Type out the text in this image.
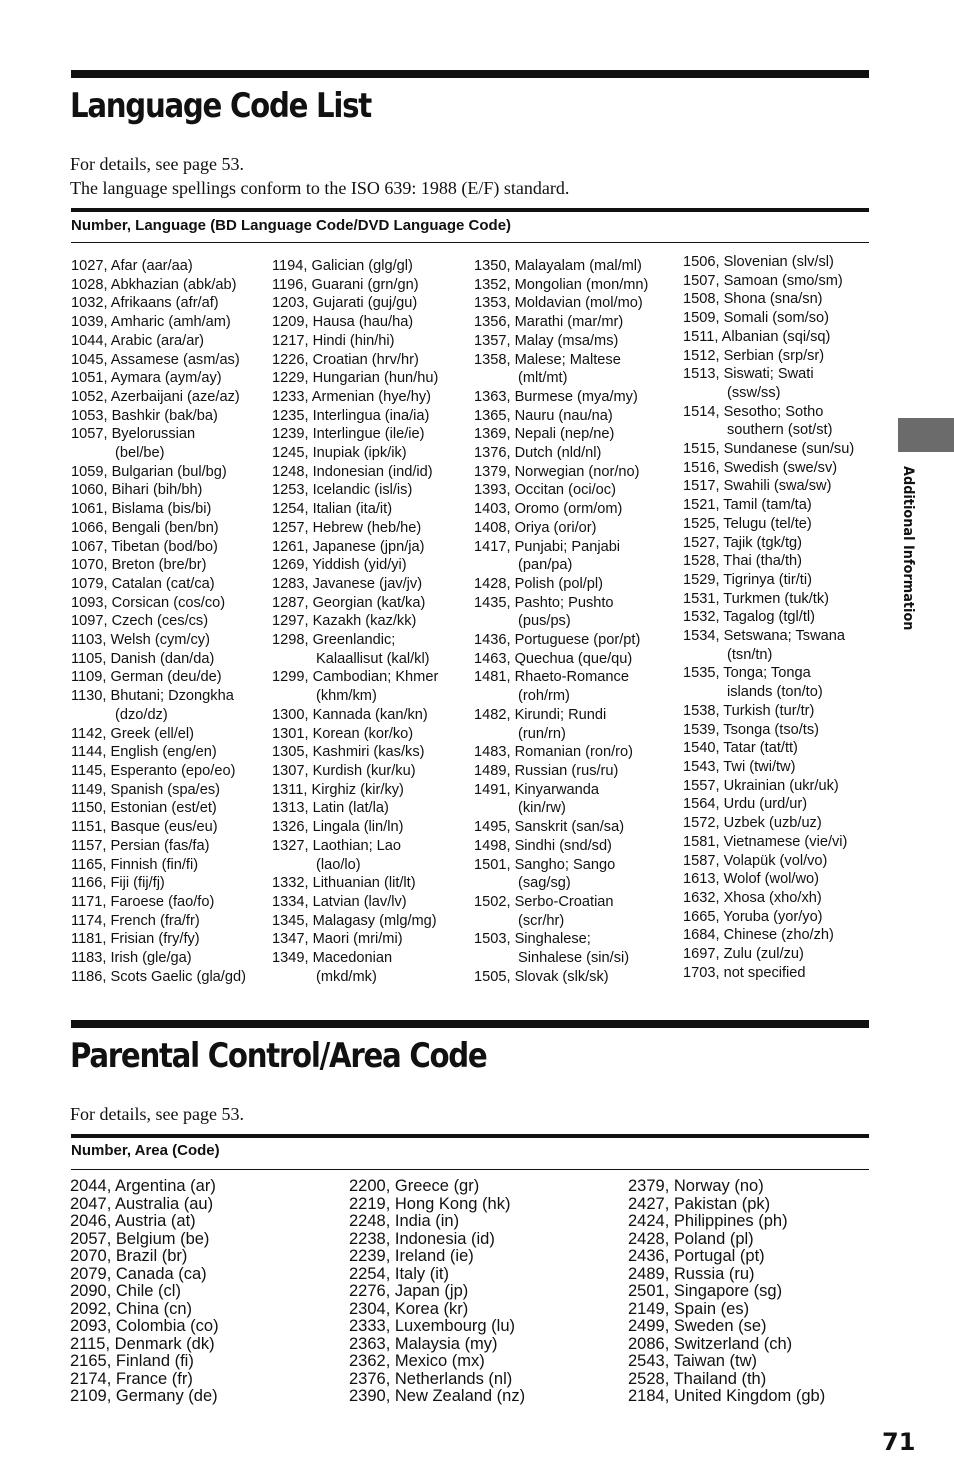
Language Code List
For details, see page 53.
The language spellings conform to the ISO 639: 1988 (E/F) standard.
Number, Language (BD Language Code/DVD Language Code)
1027, Afar (aar/aa)
1028, Abkhazian (abk/ab)
1032, Afrikaans (afr/af)
1039, Amharic (amh/am)
1044, Arabic (ara/ar)
1045, Assamese (asm/as)
1051, Aymara (aym/ay)
1052, Azerbaijani (aze/az)
1053, Bashkir (bak/ba)
1057, Byelorussian
(bel/be)
1059, Bulgarian (bul/bg)
1060, Bihari (bih/bh)
1061, Bislama (bis/bi)
1066, Bengali (ben/bn)
1067, Tibetan (bod/bo)
1070, Breton (bre/br)
1079, Catalan (cat/ca)
1093, Corsican (cos/co)
1097, Czech (ces/cs)
1103, Welsh (cym/cy)
1105, Danish (dan/da)
1109, German (deu/de)
1130, Bhutani; Dzongkha
(dzo/dz)
1142, Greek (ell/el)
1144, English (eng/en)
1145, Esperanto (epo/eo)
1149, Spanish (spa/es)
1150, Estonian (est/et)
1151, Basque (eus/eu)
1157, Persian (fas/fa)
1165, Finnish (fin/fi)
1166, Fiji (fij/fj)
1171, Faroese (fao/fo)
1174, French (fra/fr)
1181, Frisian (fry/fy)
1183, Irish (gle/ga)
1186, Scots Gaelic (gla/gd)
1194, Galician (glg/gl)
1196, Guarani (grn/gn)
1203, Gujarati (guj/gu)
1209, Hausa (hau/ha)
1217, Hindi (hin/hi)
1226, Croatian (hrv/hr)
1229, Hungarian (hun/hu)
1233, Armenian (hye/hy)
1235, Interlingua (ina/ia)
1239, Interlingue (ile/ie)
1245, Inupiak (ipk/ik)
1248, Indonesian (ind/id)
1253, Icelandic (isl/is)
1254, Italian (ita/it)
1257, Hebrew (heb/he)
1261, Japanese (jpn/ja)
1269, Yiddish (yid/yi)
1283, Javanese (jav/jv)
1287, Georgian (kat/ka)
1297, Kazakh (kaz/kk)
1298, Greenlandic;
Kalaallisut (kal/kl)
1299, Cambodian; Khmer
(khm/km)
1300, Kannada (kan/kn)
1301, Korean (kor/ko)
1305, Kashmiri (kas/ks)
1307, Kurdish (kur/ku)
1311, Kirghiz (kir/ky)
1313, Latin (lat/la)
1326, Lingala (lin/ln)
1327, Laothian; Lao
(lao/lo)
1332, Lithuanian (lit/lt)
1334, Latvian (lav/lv)
1345, Malagasy (mlg/mg)
1347, Maori (mri/mi)
1349, Macedonian
(mkd/mk)
1350, Malayalam (mal/ml)
1352, Mongolian (mon/mn)
1353, Moldavian (mol/mo)
1356, Marathi (mar/mr)
1357, Malay (msa/ms)
1358, Malese; Maltese
(mlt/mt)
1363, Burmese (mya/my)
1365, Nauru (nau/na)
1369, Nepali (nep/ne)
1376, Dutch (nld/nl)
1379, Norwegian (nor/no)
1393, Occitan (oci/oc)
1403, Oromo (orm/om)
1408, Oriya (ori/or)
1417, Punjabi; Panjabi
(pan/pa)
1428, Polish (pol/pl)
1435, Pashto; Pushto
(pus/ps)
1436, Portuguese (por/pt)
1463, Quechua (que/qu)
1481, Rhaeto-Romance
(roh/rm)
1482, Kirundi; Rundi
(run/rn)
1483, Romanian (ron/ro)
1489, Russian (rus/ru)
1491, Kinyarwanda
(kin/rw)
1495, Sanskrit (san/sa)
1498, Sindhi (snd/sd)
1501, Sangho; Sango
(sag/sg)
1502, Serbo-Croatian
(scr/hr)
1503, Singhalese;
Sinhalese (sin/si)
1505, Slovak (slk/sk)
1506, Slovenian (slv/sl)
1507, Samoan (smo/sm)
1508, Shona (sna/sn)
1509, Somali (som/so)
1511, Albanian (sqi/sq)
1512, Serbian (srp/sr)
1513, Siswati; Swati
(ssw/ss)
1514, Sesotho; Sotho
southern (sot/st)
1515, Sundanese (sun/su)
1516, Swedish (swe/sv)
1517, Swahili (swa/sw)
1521, Tamil (tam/ta)
1525, Telugu (tel/te)
1527, Tajik (tgk/tg)
1528, Thai (tha/th)
1529, Tigrinya (tir/ti)
1531, Turkmen (tuk/tk)
1532, Tagalog (tgl/tl)
1534, Setswana; Tswana
(tsn/tn)
1535, Tonga; Tonga
islands (ton/to)
1538, Turkish (tur/tr)
1539, Tsonga (tso/ts)
1540, Tatar (tat/tt)
1543, Twi (twi/tw)
1557, Ukrainian (ukr/uk)
1564, Urdu (urd/ur)
1572, Uzbek (uzb/uz)
1581, Vietnamese (vie/vi)
1587, Volapük (vol/vo)
1613, Wolof (wol/wo)
1632, Xhosa (xho/xh)
1665, Yoruba (yor/yo)
1684, Chinese (zho/zh)
1697, Zulu (zul/zu)
1703, not specified
Parental Control/Area Code
For details, see page 53.
Number, Area (Code)
2044, Argentina (ar)
2047, Australia (au)
2046, Austria (at)
2057, Belgium (be)
2070, Brazil (br)
2079, Canada (ca)
2090, Chile (cl)
2092, China (cn)
2093, Colombia (co)
2115, Denmark (dk)
2165, Finland (fi)
2174, France (fr)
2109, Germany (de)
2200, Greece (gr)
2219, Hong Kong (hk)
2248, India (in)
2238, Indonesia (id)
2239, Ireland (ie)
2254, Italy (it)
2276, Japan (jp)
2304, Korea (kr)
2333, Luxembourg (lu)
2363, Malaysia (my)
2362, Mexico (mx)
2376, Netherlands (nl)
2390, New Zealand (nz)
2379, Norway (no)
2427, Pakistan (pk)
2424, Philippines (ph)
2428, Poland (pl)
2436, Portugal (pt)
2489, Russia (ru)
2501, Singapore (sg)
2149, Spain (es)
2499, Sweden (se)
2086, Switzerland (ch)
2543, Taiwan (tw)
2528, Thailand (th)
2184, United Kingdom (gb)
Additional Information
71
